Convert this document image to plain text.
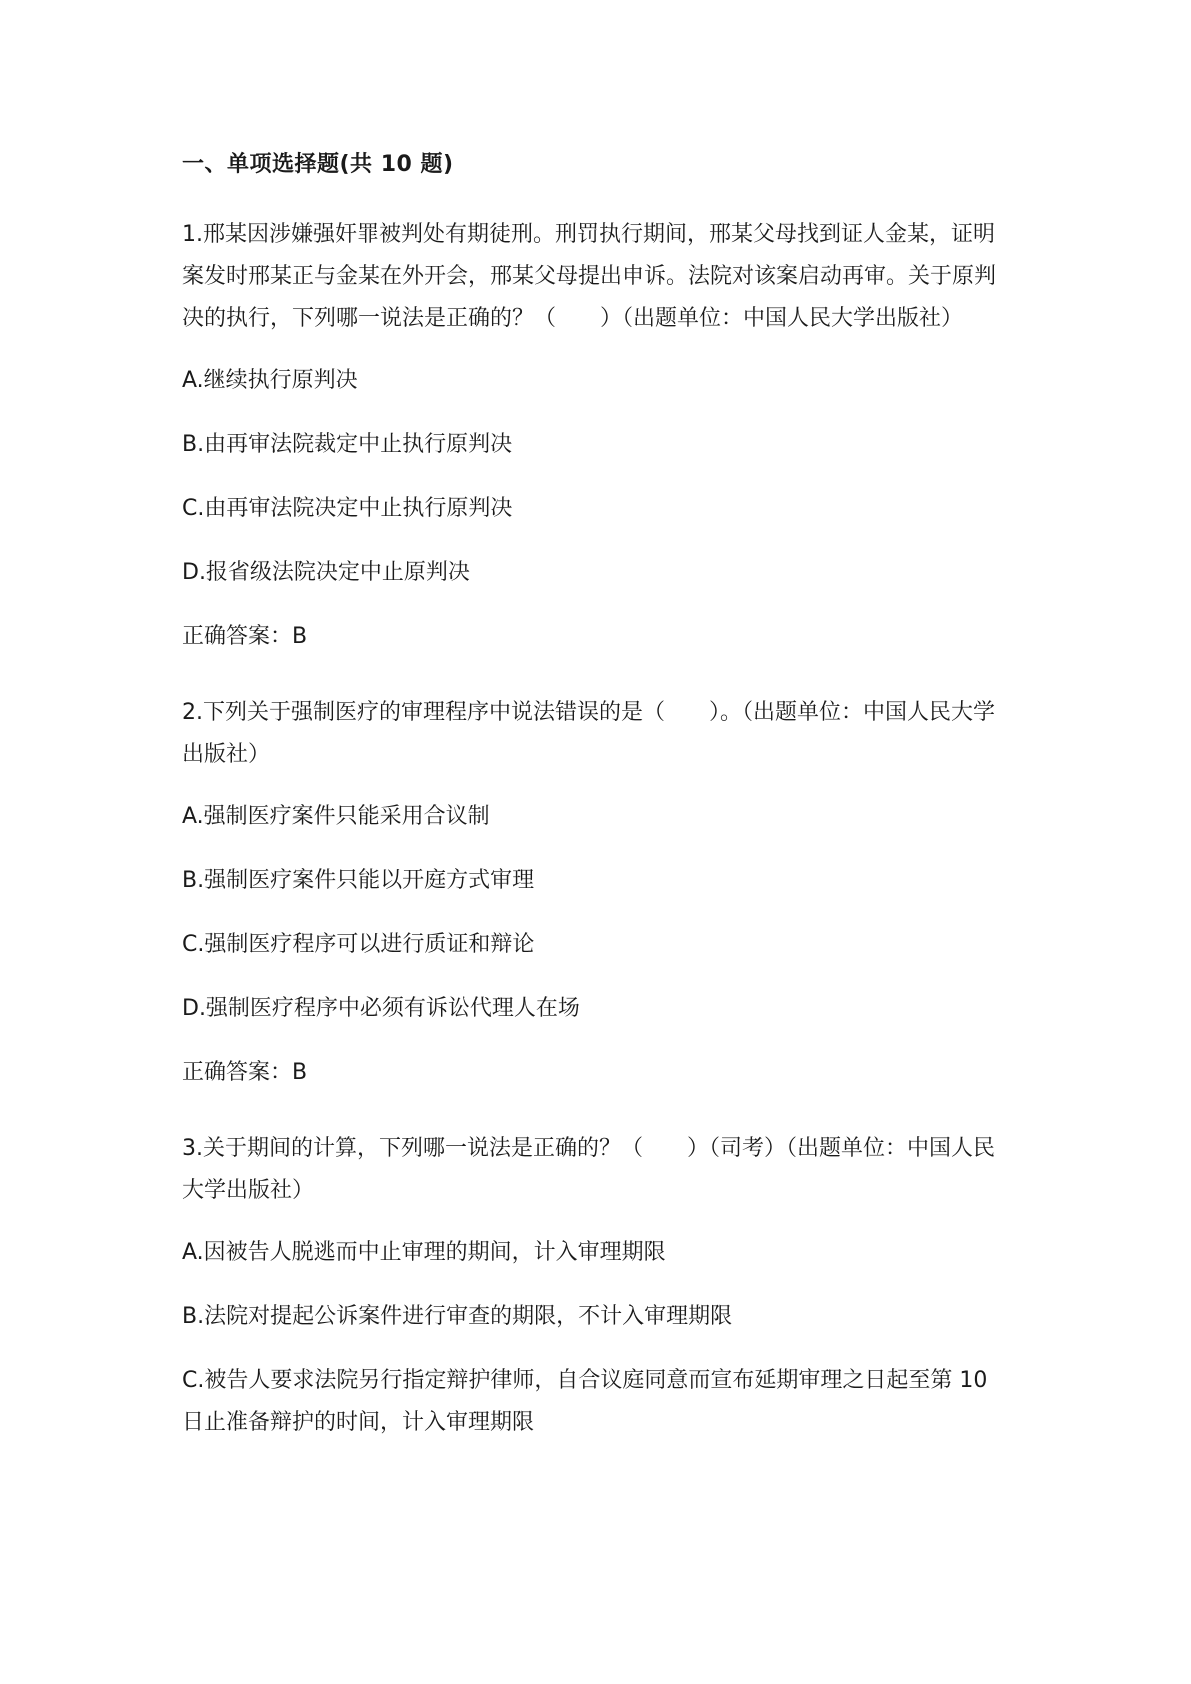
一、单项选择题(共 10 题)
1.邢某因涉嫌强奸罪被判处有期徒刑。刑罚执行期间，邢某父母找到证人金某，证明案发时邢某正与金某在外开会，邢某父母提出申诉。法院对该案启动再审。关于原判决的执行，下列哪一说法是正确的？（　　）（出题单位：中国人民大学出版社）
A.继续执行原判决
B.由再审法院裁定中止执行原判决
C.由再审法院决定中止执行原判决
D.报省级法院决定中止原判决
正确答案：B
2.下列关于强制医疗的审理程序中说法错误的是（　　）。（出题单位：中国人民大学出版社）
A.强制医疗案件只能采用合议制
B.强制医疗案件只能以开庭方式审理
C.强制医疗程序可以进行质证和辩论
D.强制医疗程序中必须有诉讼代理人在场
正确答案：B
3.关于期间的计算，下列哪一说法是正确的？（　　）（司考）（出题单位：中国人民大学出版社）
A.因被告人脱逃而中止审理的期间，计入审理期限
B.法院对提起公诉案件进行审查的期限，不计入审理期限
C.被告人要求法院另行指定辩护律师，自合议庭同意而宣布延期审理之日起至第 10 日止准备辩护的时间，计入审理期限
